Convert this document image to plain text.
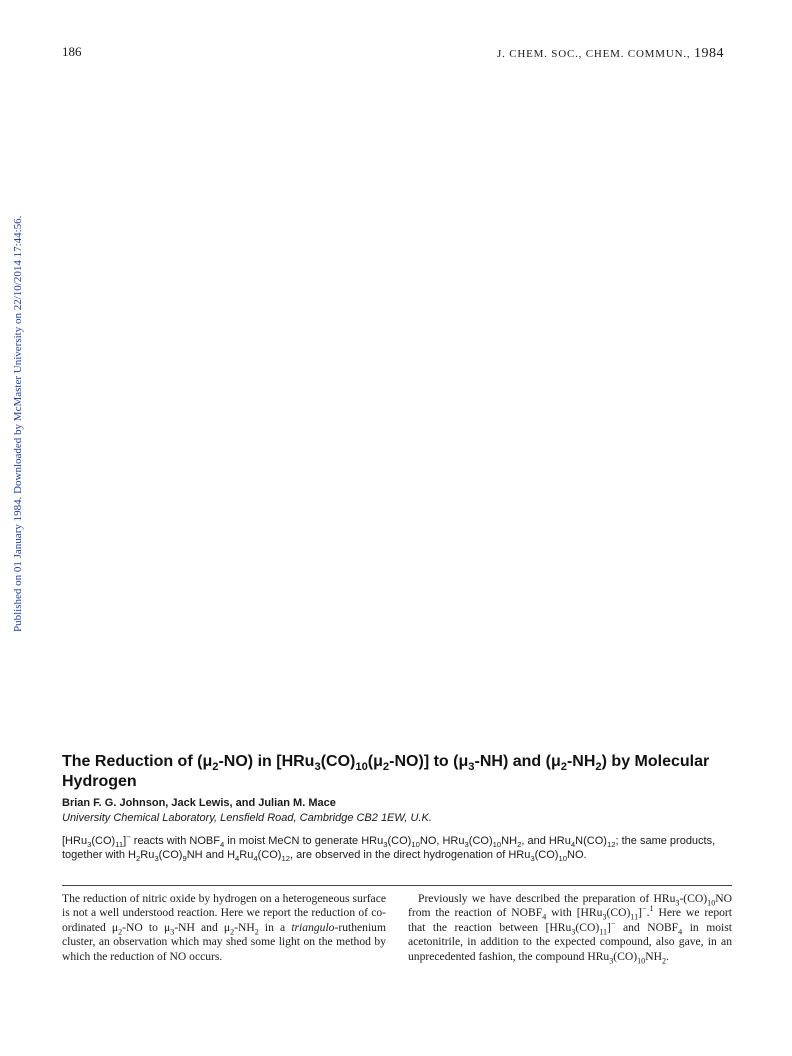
186	J. CHEM. SOC., CHEM. COMMUN., 1984
Published on 01 January 1984. Downloaded by McMaster University on 22/10/2014 17:44:56.
The Reduction of $(\mu_2-NO)$ in $[HRu_3(CO)_{10}(\mu_2-NO)]$ to $(\mu_3-NH)$ and $(\mu_2-NH_2)$ by Molecular Hydrogen
Brian F. G. Johnson, Jack Lewis, and Julian M. Mace
University Chemical Laboratory, Lensfield Road, Cambridge CB2 1EW, U.K.

$[HRu_3(CO)_{11}]^-$ reacts with $NOBF_4$ in moist MeCN to generate $HRu_3(CO)_{10}NO$, $HRu_3(CO)_{10}NH_2$, and $HRu_4N(CO)_{12}$; the same products, together with $H_2Ru_3(CO)_9NH$ and $H_4Ru_4(CO)_{12}$, are observed in the direct hydrogenation of $HRu_3(CO)_{10}NO$.

The reduction of nitric oxide by hydrogen on a heterogeneous surface is not a well understood reaction. Here we report the reduction of co-ordinated $\mu_2-NO$ to $\mu_3-NH$ and $\mu_2-NH_2$ in a triangulo-ruthenium cluster, an observation which may shed some light on the method by which the reduction of NO occurs.

Previously we have described the preparation of $HRu_3-(CO)_{10}NO$ from the reaction of $NOBF_4$ with $[HRu_3(CO)_{11}]^-.^1$ Here we report that the reaction between $[HRu_3(CO)_{11}]^-$ and $NOBF_4$ in moist acetonitrile, in addition to the expected compound, also gave, in an unprecedented fashion, the compound $HRu_3(CO)_{10}NH_2$.
